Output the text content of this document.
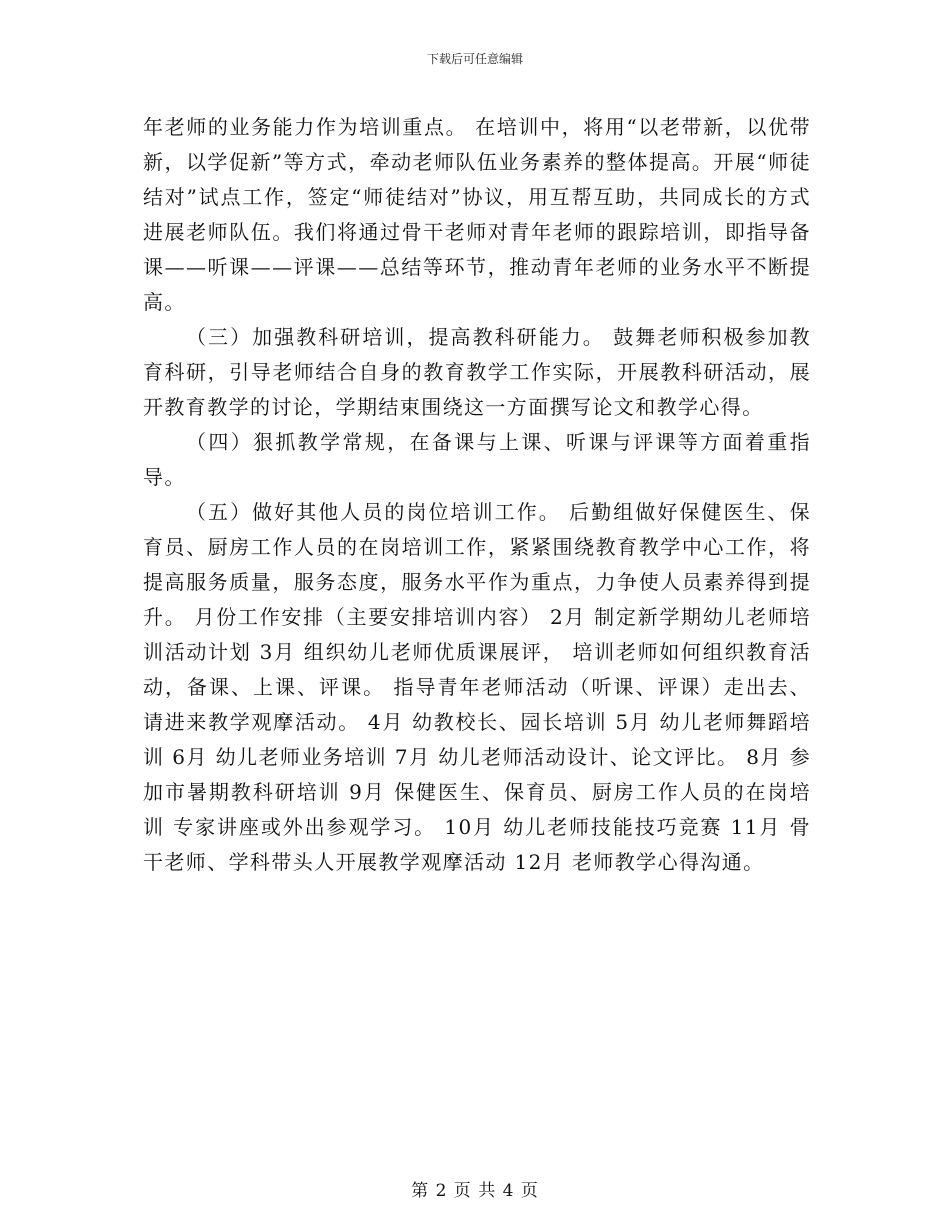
下载后可任意编辑

年老师的业务能力作为培训重点。 在培训中，将用“以老带新，以优带新，以学促新”等方式，牵动老师队伍业务素养的整体提高。开展“师徒结对”试点工作，签定“师徒结对”协议，用互帮互助，共同成长的方式进展老师队伍。我们将通过骨干老师对青年老师的跟踪培训，即指导备课——听课——评课——总结等环节，推动青年老师的业务水平不断提高。

（三）加强教科研培训，提高教科研能力。 鼓舞老师积极参加教育科研，引导老师结合自身的教育教学工作实际，开展教科研活动，展开教育教学的讨论，学期结束围绕这一方面撰写论文和教学心得。

（四）狠抓教学常规，在备课与上课、听课与评课等方面着重指导。

（五）做好其他人员的岗位培训工作。 后勤组做好保健医生、保育员、厨房工作人员的在岗培训工作，紧紧围绕教育教学中心工作，将提高服务质量，服务态度，服务水平作为重点，力争使人员素养得到提升。 月份工作安排（主要安排培训内容） 2月 制定新学期幼儿老师培训活动计划 3月 组织幼儿老师优质课展评， 培训老师如何组织教育活动，备课、上课、评课。 指导青年老师活动（听课、评课）走出去、请进来教学观摩活动。 4月 幼教校长、园长培训 5月 幼儿老师舞蹈培训 6月 幼儿老师业务培训 7月 幼儿老师活动设计、论文评比。 8月 参加市暑期教科研培训 9月 保健医生、保育员、厨房工作人员的在岗培训 专家讲座或外出参观学习。 10月 幼儿老师技能技巧竞赛 11月 骨干老师、学科带头人开展教学观摩活动 12月 老师教学心得沟通。

第 2 页 共 4 页
